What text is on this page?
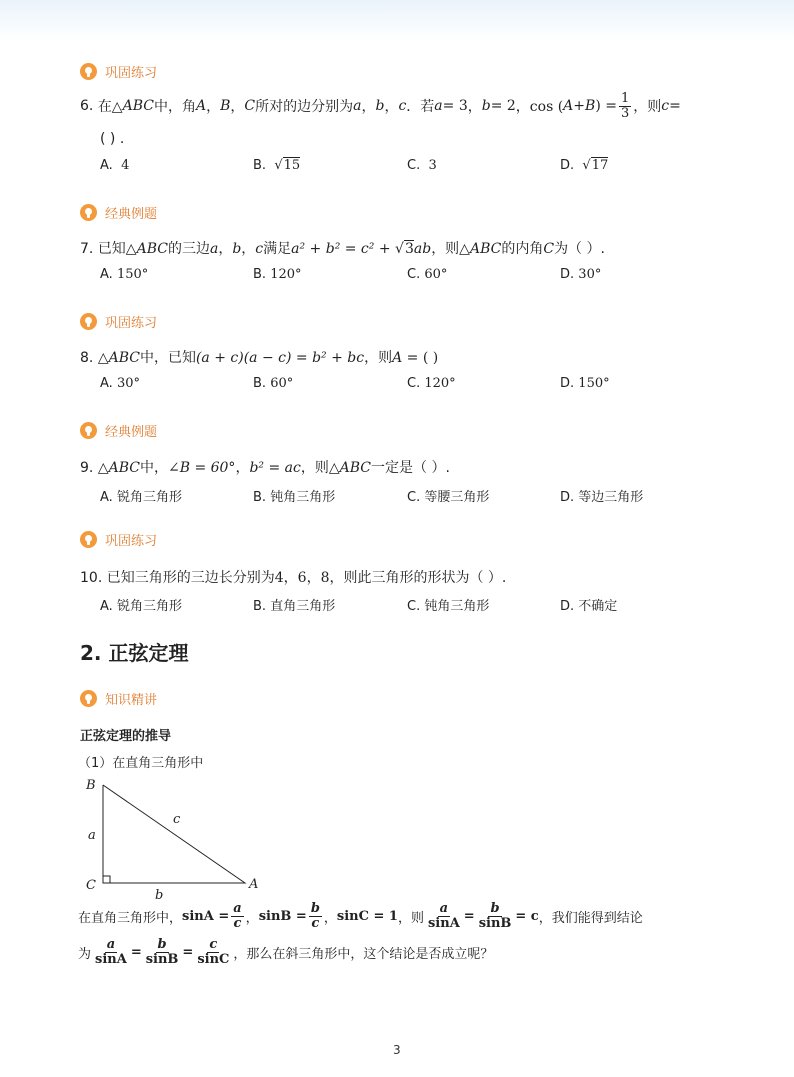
巩固练习
6.
在△ ABC 中，角 A ， B ， C 所对的边分别为 a ， b ， c ．若 a = 3 ， b = 2 ，cos ( A + B ) = $\frac{1}{3}$ ，则 c =
( ) .
A. 4	B. √15	C. 3	D. √17
经典例题
7. 已知△ABC的三边a，b，c满足a² + b² = c² + √3ab，则△ABC的内角C为（ ）.
A. 150°	B. 120°	C. 60°	D. 30°
巩固练习
8. △ABC中，已知(a + c)(a − c) = b² + bc，则A = ( )
A. 30°	B. 60°	C. 120°	D. 150°
经典例题
9. △ABC中，∠B = 60°，b² = ac，则△ABC一定是（ ）.
A. 锐角三角形	B. 钝角三角形	C. 等腰三角形	D. 等边三角形
巩固练习
10. 已知三角形的三边长分别为4，6，8，则此三角形的形状为（ ）.
A. 锐角三角形	B. 直角三角形	C. 钝角三角形	D. 不确定
2. 正弦定理
知识精讲
正弦定理的推导
（1）在直角三角形中
B
C	A
a
b
c
在直角三角形中， $\sin A = \frac{a}{c}$ ， $\sin B = \frac{b}{c}$ ， sinC = 1 ，则 $\frac{a}{\sin A} = \frac{b}{\sin B} = c$ ，我们能得到结论
为 $\frac{a}{\sin A} = \frac{b}{\sin B} = \frac{c}{\sin C}$ ，那么在斜三角形中，这个结论是否成立呢？
3
